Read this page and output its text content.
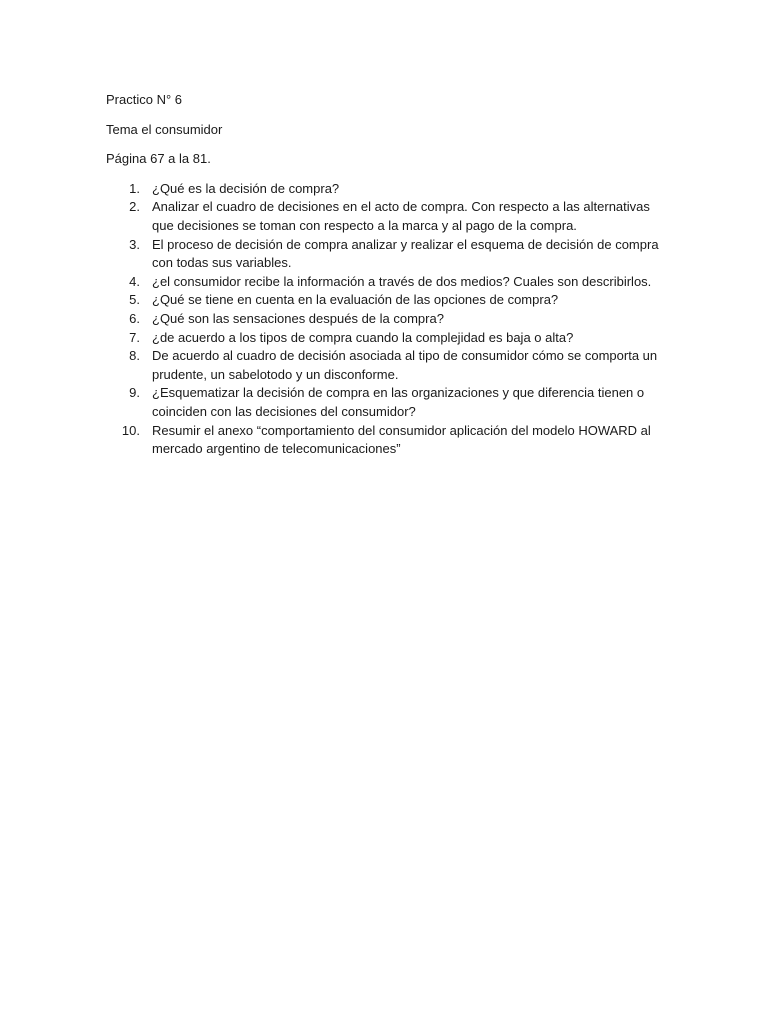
Practico N° 6

Tema el consumidor

Página 67 a la 81.

1. ¿Qué es la decisión de compra?
2. Analizar el cuadro de decisiones en el acto de compra. Con respecto a las alternativas que decisiones se toman con respecto a la marca y al pago de la compra.
3. El proceso de decisión de compra analizar y realizar el esquema de decisión de compra con todas sus variables.
4. ¿el consumidor recibe la información a través de dos medios? Cuales son describirlos.
5. ¿Qué se tiene en cuenta en la evaluación de las opciones de compra?
6. ¿Qué son las sensaciones después de la compra?
7. ¿de acuerdo a los tipos de compra cuando la complejidad es baja o alta?
8. De acuerdo al cuadro de decisión asociada al tipo de consumidor cómo se comporta un prudente, un sabelotodo y un disconforme.
9. ¿Esquematizar la decisión de compra en las organizaciones y que diferencia tienen o coinciden con las decisiones del consumidor?
10. Resumir el anexo “comportamiento del consumidor aplicación del modelo HOWARD al mercado argentino de telecomunicaciones”
